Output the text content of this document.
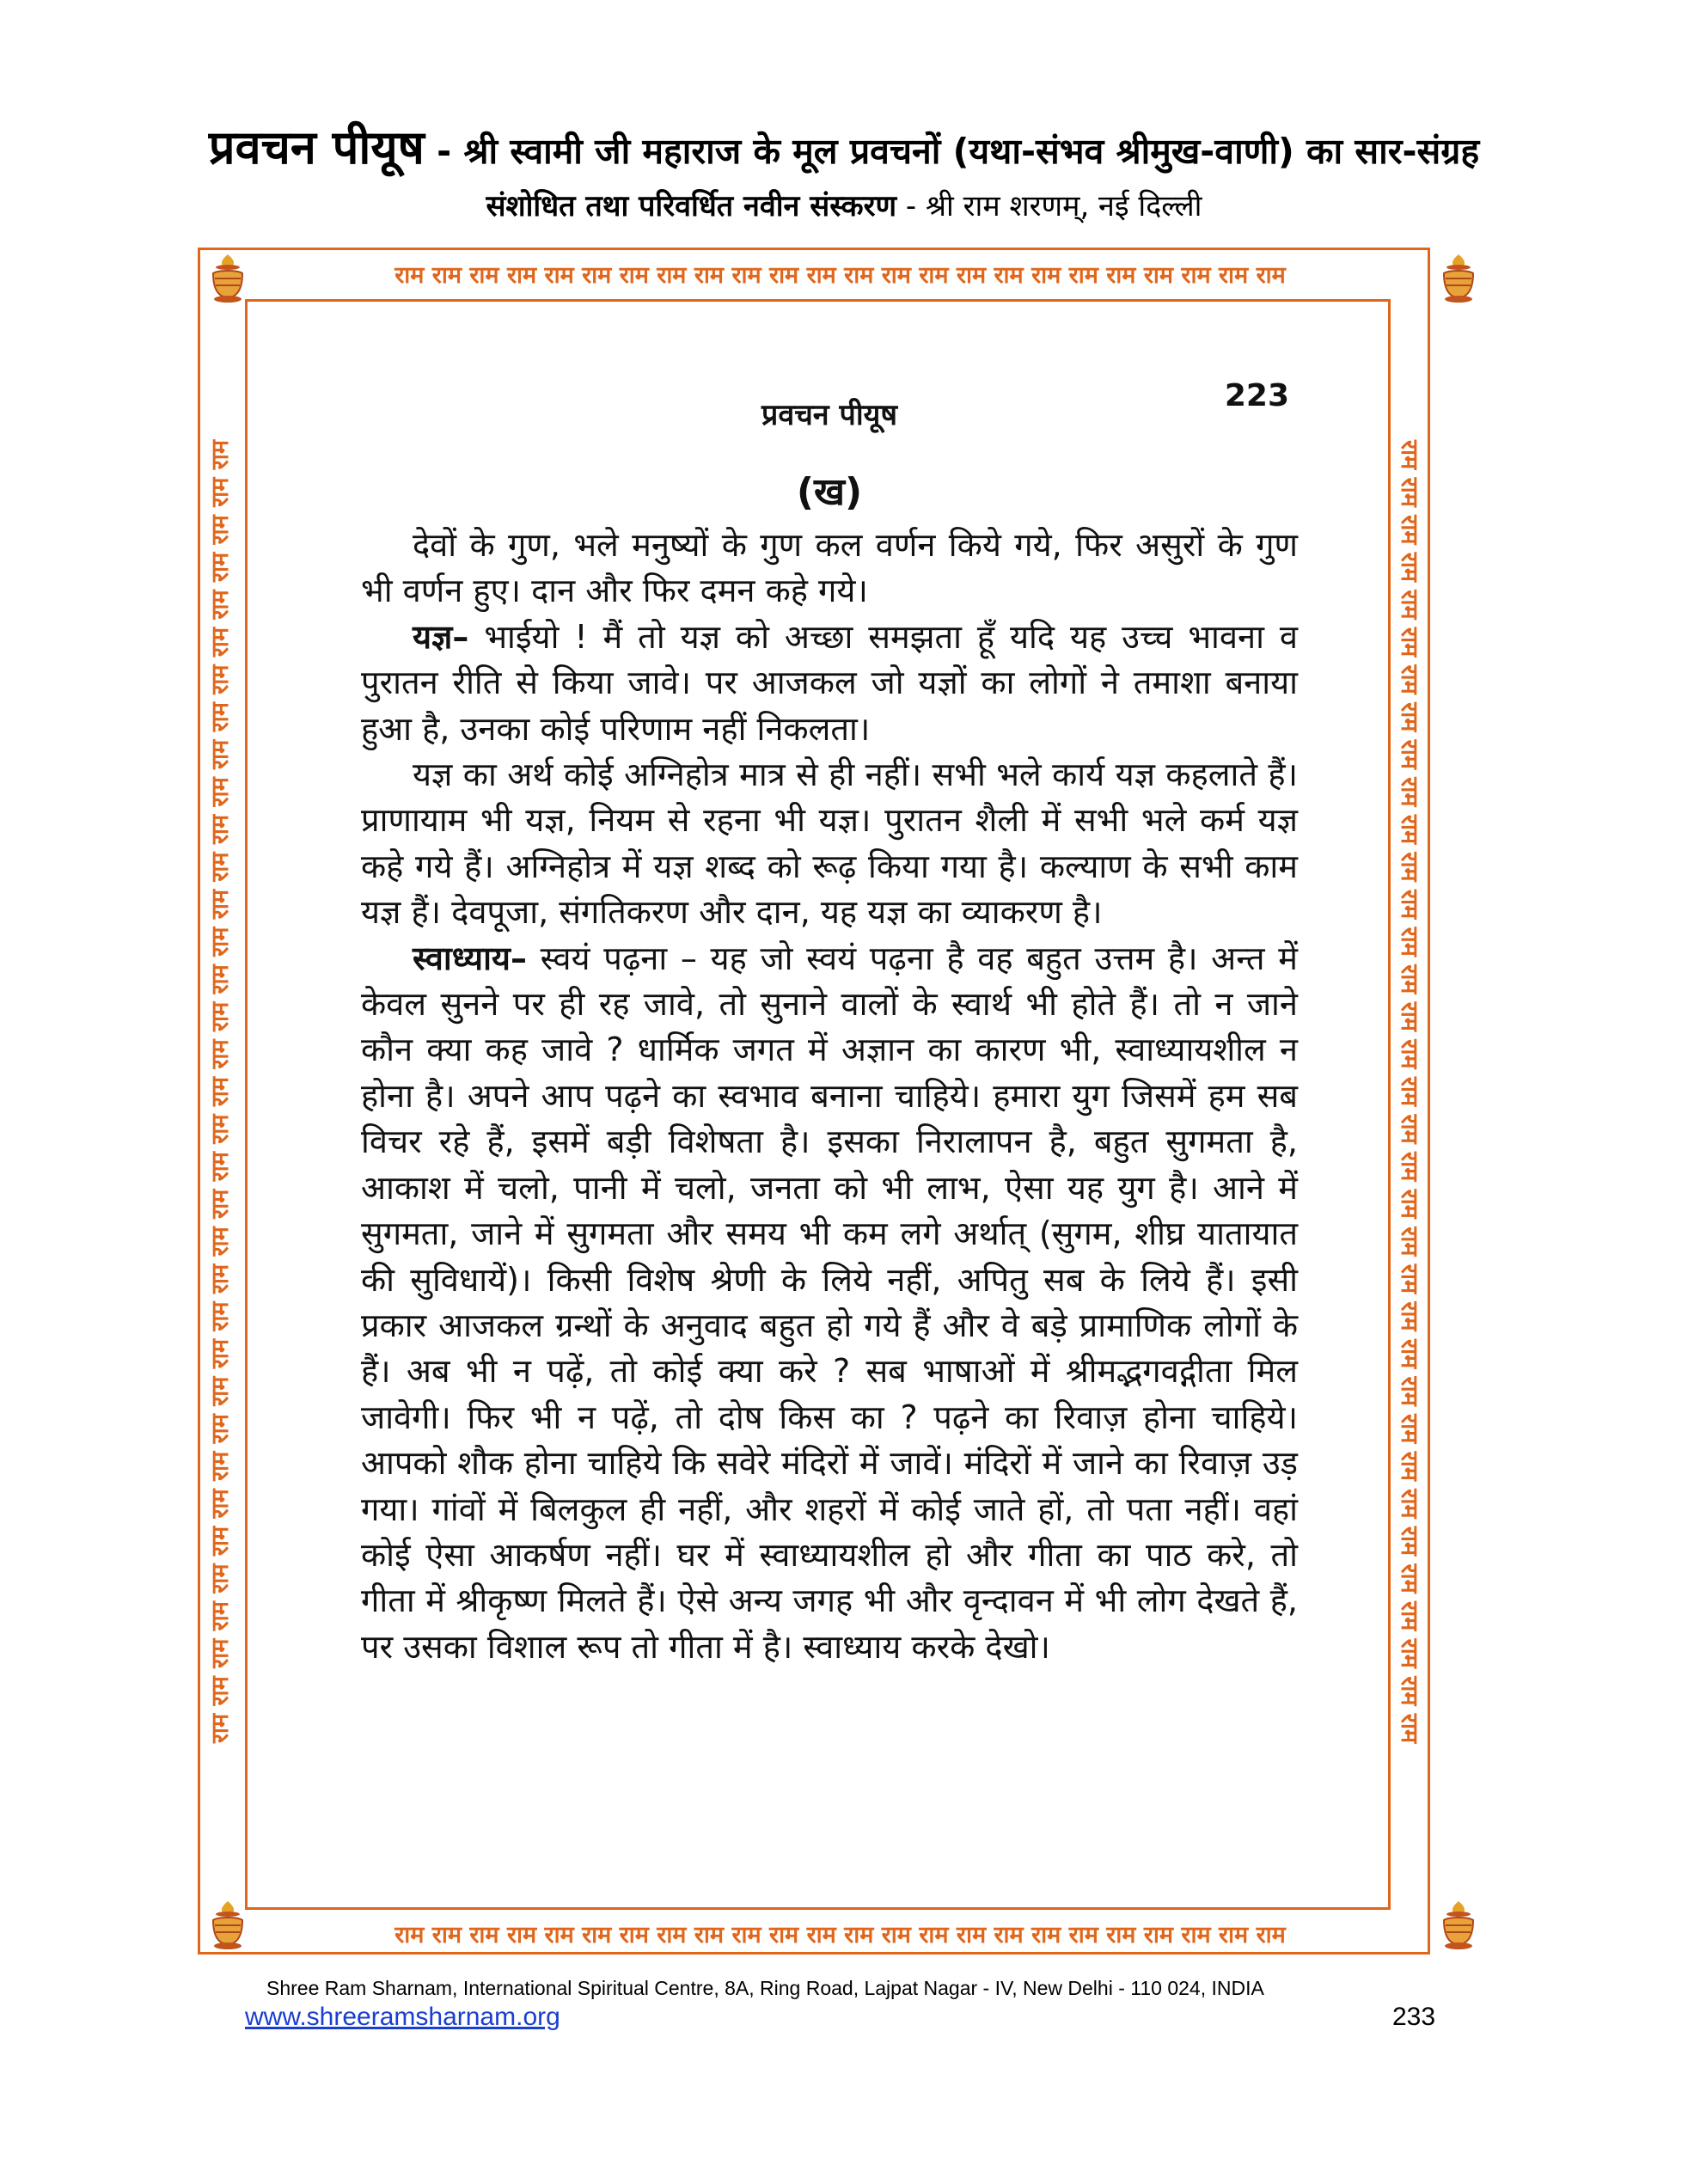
प्रवचन पीयूष - श्री स्वामी जी महाराज के मूल प्रवचनों (यथा-संभव श्रीमुख-वाणी) का सार-संग्रह
संशोधित तथा परिवर्धित नवीन संस्करण - श्री राम शरणम्, नई दिल्ली
राम राम राम राम राम राम राम राम राम राम राम राम राम राम राम राम राम राम राम राम राम राम राम राम
राम राम राम राम राम राम राम राम राम राम राम राम राम राम राम राम राम राम राम राम राम राम राम राम
राम राम राम राम राम राम राम राम राम राम राम राम राम राम राम राम राम राम राम राम राम राम राम राम राम राम राम राम राम राम राम राम राम राम राम	राम राम राम राम राम राम राम राम राम राम राम राम राम राम राम राम राम राम राम राम राम राम राम राम राम राम राम राम राम राम राम राम राम राम राम
प्रवचन पीयूष
223
(ख)

देवों के गुण, भले मनुष्यों के गुण कल वर्णन किये गये, फिर असुरों के गुण भी वर्णन हुए। दान और फिर दमन कहे गये।

यज्ञ– भाईयो ! मैं तो यज्ञ को अच्छा समझता हूँ यदि यह उच्च भावना व पुरातन रीति से किया जावे। पर आजकल जो यज्ञों का लोगों ने तमाशा बनाया हुआ है, उनका कोई परिणाम नहीं निकलता।

यज्ञ का अर्थ कोई अग्निहोत्र मात्र से ही नहीं। सभी भले कार्य यज्ञ कहलाते हैं। प्राणायाम भी यज्ञ, नियम से रहना भी यज्ञ। पुरातन शैली में सभी भले कर्म यज्ञ कहे गये हैं। अग्निहोत्र में यज्ञ शब्द को रूढ़ किया गया है। कल्याण के सभी काम यज्ञ हैं। देवपूजा, संगतिकरण और दान, यह यज्ञ का व्याकरण है।

स्वाध्याय– स्वयं पढ़ना – यह जो स्वयं पढ़ना है वह बहुत उत्तम है। अन्त में केवल सुनने पर ही रह जावे, तो सुनाने वालों के स्वार्थ भी होते हैं। तो न जाने कौन क्या कह जावे ? धार्मिक जगत में अज्ञान का कारण भी, स्वाध्यायशील न होना है। अपने आप पढ़ने का स्वभाव बनाना चाहिये। हमारा युग जिसमें हम सब विचर रहे हैं, इसमें बड़ी विशेषता है। इसका निरालापन है, बहुत सुगमता है, आकाश में चलो, पानी में चलो, जनता को भी लाभ, ऐसा यह युग है। आने में सुगमता, जाने में सुगमता और समय भी कम लगे अर्थात् (सुगम, शीघ्र यातायात की सुविधायें)। किसी विशेष श्रेणी के लिये नहीं, अपितु सब के लिये हैं। इसी प्रकार आजकल ग्रन्थों के अनुवाद बहुत हो गये हैं और वे बड़े प्रामाणिक लोगों के हैं। अब भी न पढ़ें, तो कोई क्या करे ? सब भाषाओं में श्रीमद्भगवद्गीता मिल जावेगी। फिर भी न पढ़ें, तो दोष किस का ? पढ़ने का रिवाज़ होना चाहिये। आपको शौक होना चाहिये कि सवेरे मंदिरों में जावें। मंदिरों में जाने का रिवाज़ उड़ गया। गांवों में बिलकुल ही नहीं, और शहरों में कोई जाते हों, तो पता नहीं। वहां कोई ऐसा आकर्षण नहीं। घर में स्वाध्यायशील हो और गीता का पाठ करे, तो गीता में श्रीकृष्ण मिलते हैं। ऐसे अन्य जगह भी और वृन्दावन में भी लोग देखते हैं, पर उसका विशाल रूप तो गीता में है। स्वाध्याय करके देखो।

Shree Ram Sharnam, International Spiritual Centre, 8A, Ring Road, Lajpat Nagar - IV, New Delhi - 110 024, INDIA
www.shreeramsharnam.org	233
